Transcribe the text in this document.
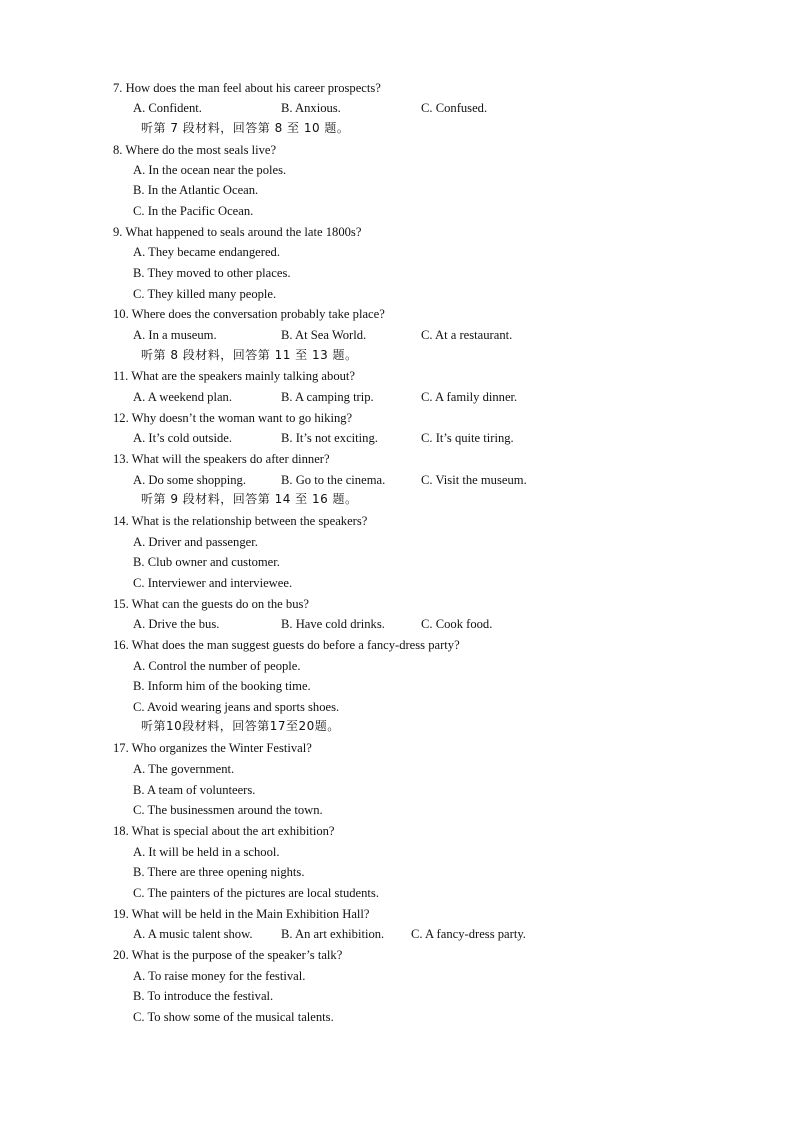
7. How does the man feel about his career prospects?
A. Confident.	B. Anxious.	C. Confused.
听第 7 段材料，回答第 8 至 10 题。
8. Where do the most seals live?
A. In the ocean near the poles.
B. In the Atlantic Ocean.
C. In the Pacific Ocean.
9. What happened to seals around the late 1800s?
A. They became endangered.
B. They moved to other places.
C. They killed many people.
10. Where does the conversation probably take place?
A. In a museum.	B. At Sea World.	C. At a restaurant.
听第 8 段材料，回答第 11 至 13 题。
11. What are the speakers mainly talking about?
A. A weekend plan.	B. A camping trip.	C. A family dinner.
12. Why doesn’t the woman want to go hiking?
A. It’s cold outside.	B. It’s not exciting.	C. It’s quite tiring.
13. What will the speakers do after dinner?
A. Do some shopping.	B. Go to the cinema.	C. Visit the museum.
听第 9 段材料，回答第 14 至 16 题。
14. What is the relationship between the speakers?
A. Driver and passenger.
B. Club owner and customer.
C. Interviewer and interviewee.
15. What can the guests do on the bus?
A. Drive the bus.	B. Have cold drinks.	C. Cook food.
16. What does the man suggest guests do before a fancy-dress party?
A. Control the number of people.
B. Inform him of the booking time.
C. Avoid wearing jeans and sports shoes.
听第10段材料，回答第17至20题。
17. Who organizes the Winter Festival?
A. The government.
B. A team of volunteers.
C. The businessmen around the town.
18. What is special about the art exhibition?
A. It will be held in a school.
B. There are three opening nights.
C. The painters of the pictures are local students.
19. What will be held in the Main Exhibition Hall?
A. A music talent show. B. An art exhibition. C. A fancy-dress party.
20. What is the purpose of the speaker’s talk?
A. To raise money for the festival.
B. To introduce the festival.
C. To show some of the musical talents.
